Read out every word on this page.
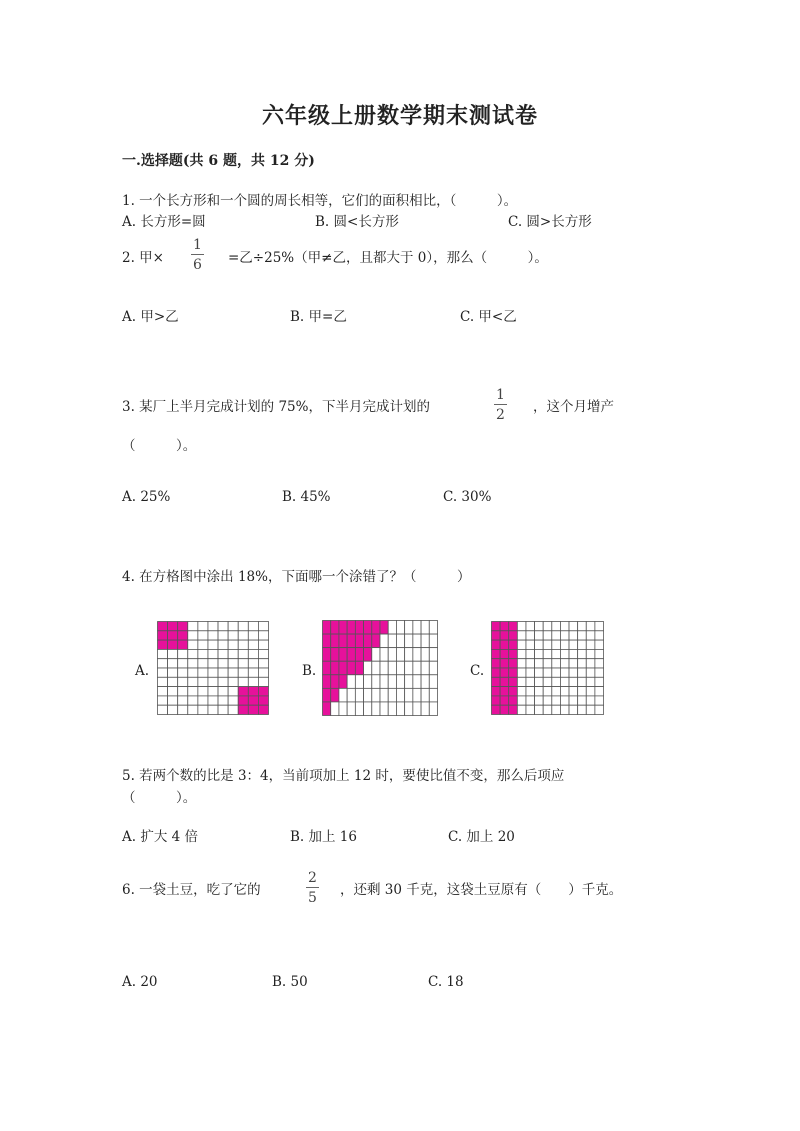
六年级上册数学期末测试卷
一.选择题(共 6 题，共 12 分)
1. 一个长方形和一个圆的周长相等，它们的面积相比，（　　　）。
A. 长方形=圆	B. 圆<长方形	C. 圆>长方形
2. 甲×
1
6 =乙÷25%（甲≠乙，且都大于 0），那么（　　　）。
A. 甲>乙	B. 甲=乙	C. 甲<乙
3. 某厂上半月完成计划的 75%，下半月完成计划的
1
2 ，这个月增产
（　　　）。
A. 25%	B. 45%	C. 30%
4. 在方格图中涂出 18%，下面哪一个涂错了？（　　　）
A.	B.	C.
5. 若两个数的比是 3：4，当前项加上 12 时，要使比值不变，那么后项应
（　　　）。
A. 扩大 4 倍	B. 加上 16	C. 加上 20
6. 一袋土豆，吃了它的
2
5 ，还剩 30 千克，这袋土豆原有（　　）千克。
A. 20	B. 50	C. 18
